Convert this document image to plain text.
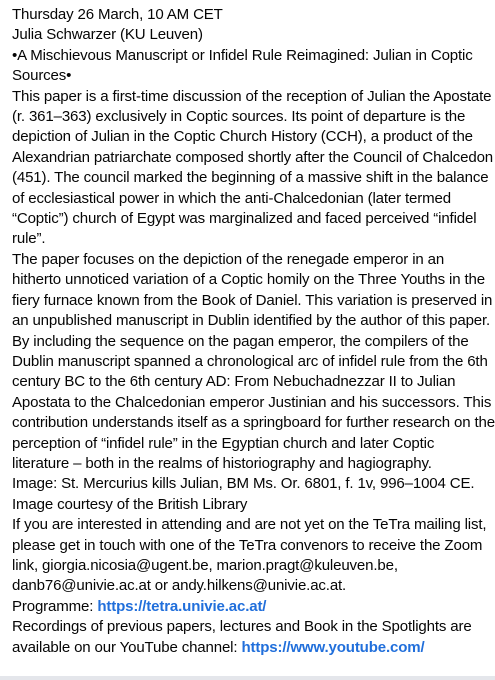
Thursday 26 March, 10 AM CET

Julia Schwarzer (KU Leuven)

•A Mischievous Manuscript or Infidel Rule Reimagined: Julian in Coptic Sources•

This paper is a first-time discussion of the reception of Julian the Apostate (r. 361–363) exclusively in Coptic sources. Its point of departure is the depiction of Julian in the Coptic Church History (CCH), a product of the Alexandrian patriarchate composed shortly after the Council of Chalcedon (451). The council marked the beginning of a massive shift in the balance of ecclesiastical power in which the anti-Chalcedonian (later termed “Coptic”) church of Egypt was marginalized and faced perceived “infidel rule”.

The paper focuses on the depiction of the renegade emperor in an hitherto unnoticed variation of a Coptic homily on the Three Youths in the fiery furnace known from the Book of Daniel. This variation is preserved in an unpublished manuscript in Dublin identified by the author of this paper. By including the sequence on the pagan emperor, the compilers of the Dublin manuscript spanned a chronological arc of infidel rule from the 6th century BC to the 6th century AD: From Nebuchadnezzar II to Julian Apostata to the Chalcedonian emperor Justinian and his successors. This contribution understands itself as a springboard for further research on the perception of “infidel rule” in the Egyptian church and later Coptic literature – both in the realms of historiography and hagiography.

Image: St. Mercurius kills Julian, BM Ms. Or. 6801, f. 1v, 996–1004 CE.

Image courtesy of the British Library

If you are interested in attending and are not yet on the TeTra mailing list, please get in touch with one of the TeTra convenors to receive the Zoom link, giorgia.nicosia@ugent.be, marion.pragt@kuleuven.be, danb76@univie.ac.at or andy.hilkens@univie.ac.at.

Programme: https://tetra.univie.ac.at/

Recordings of previous papers, lectures and Book in the Spotlights are available on our YouTube channel: https://www.youtube.com/
